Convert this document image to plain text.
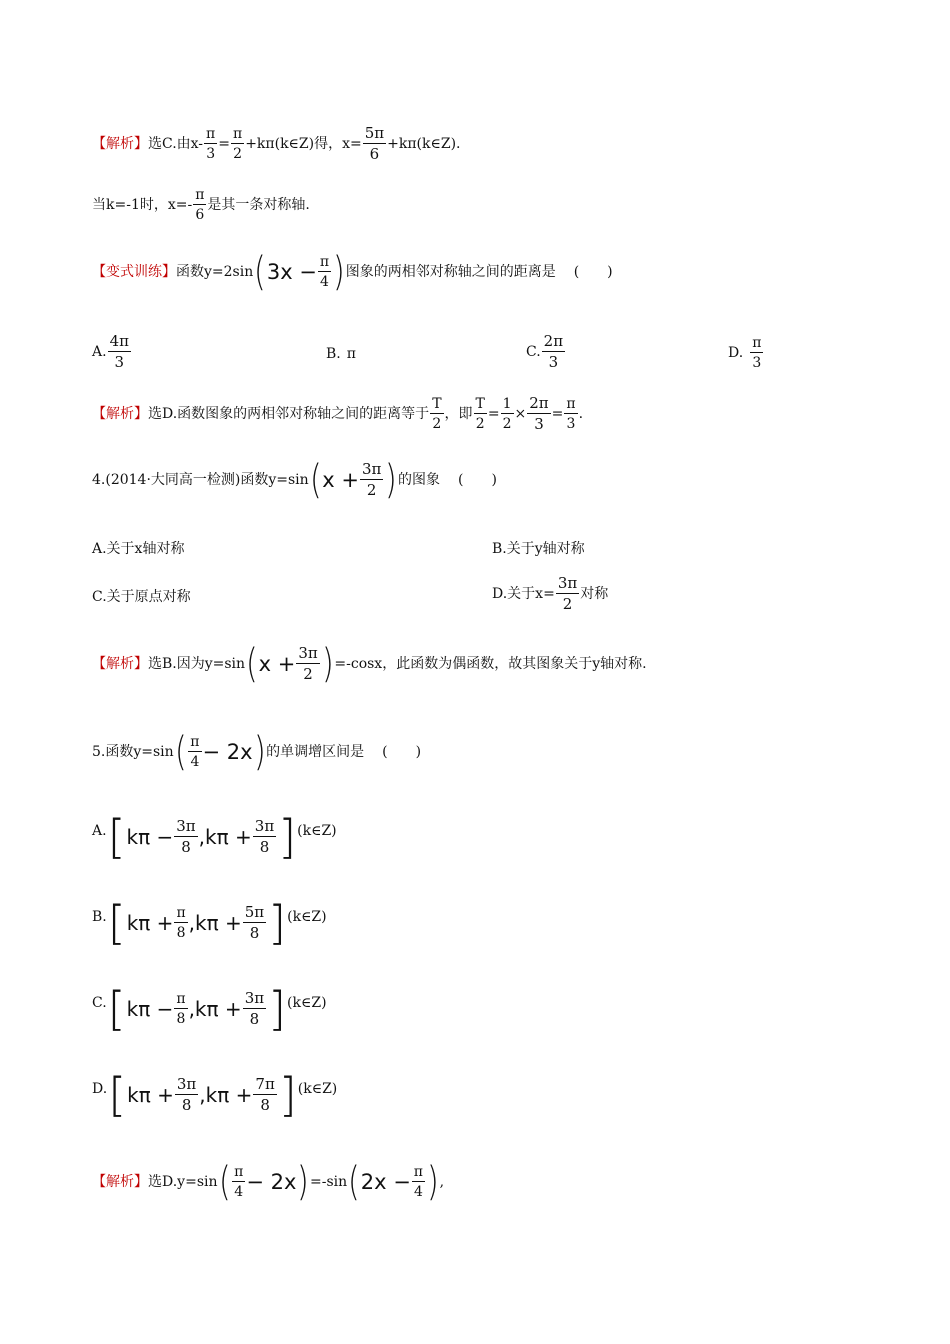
【解析】 选C.由$x- \frac{\pi}{3} = \frac{\pi}{2}$ +kπ(k∈Z)得，$x= \frac{5\pi}{6}$ +kπ(k∈Z).
当k=-1时，$x=- \frac{\pi}{6}$ 是其一条对称轴.
【变式训练】 函数y=2sin ( $3x - \frac{\pi}{4}$ ) 图象的两相邻对称轴之间的距离是 (　　)
A. $\frac{4\pi}{3}$	B. π	C. $\frac{2\pi}{3}$	D. $\frac{\pi}{3}$
【解析】 选D.函数图象的两相邻对称轴之间的距离等于 $\frac{T}{2}$ ，即 $\frac{T}{2} = \frac{1}{2} \times \frac{2\pi}{3} = \frac{\pi}{3}$ .
4.(2014·大同高一检测)函数y=sin ( $x + \frac{3\pi}{2}$ ) 的图象 (　　)
A.关于x轴对称	B.关于y轴对称
C.关于原点对称	D.关于$x= \frac{3\pi}{2}$ 对称
【解析】 选B.因为y=sin ( $x + \frac{3\pi}{2}$ ) =-cosx，此函数为偶函数，故其图象关于y轴对称.
5.函数y=sin ( $\frac{\pi}{4} - 2x$ ) 的单调增区间是 (　　)
A. [ $k\pi - \frac{3\pi}{8} ,k\pi + \frac{3\pi}{8}$ ] (k∈Z)
B. [ $k\pi + \frac{\pi}{8} ,k\pi + \frac{5\pi}{8}$ ] (k∈Z)
C. [ $k\pi - \frac{\pi}{8} ,k\pi + \frac{3\pi}{8}$ ] (k∈Z)
D. [ $k\pi + \frac{3\pi}{8} ,k\pi + \frac{7\pi}{8}$ ] (k∈Z)
【解析】 选D.y=sin ( $\frac{\pi}{4} - 2x$ ) =-sin ( $2x - \frac{\pi}{4}$ ) ,
